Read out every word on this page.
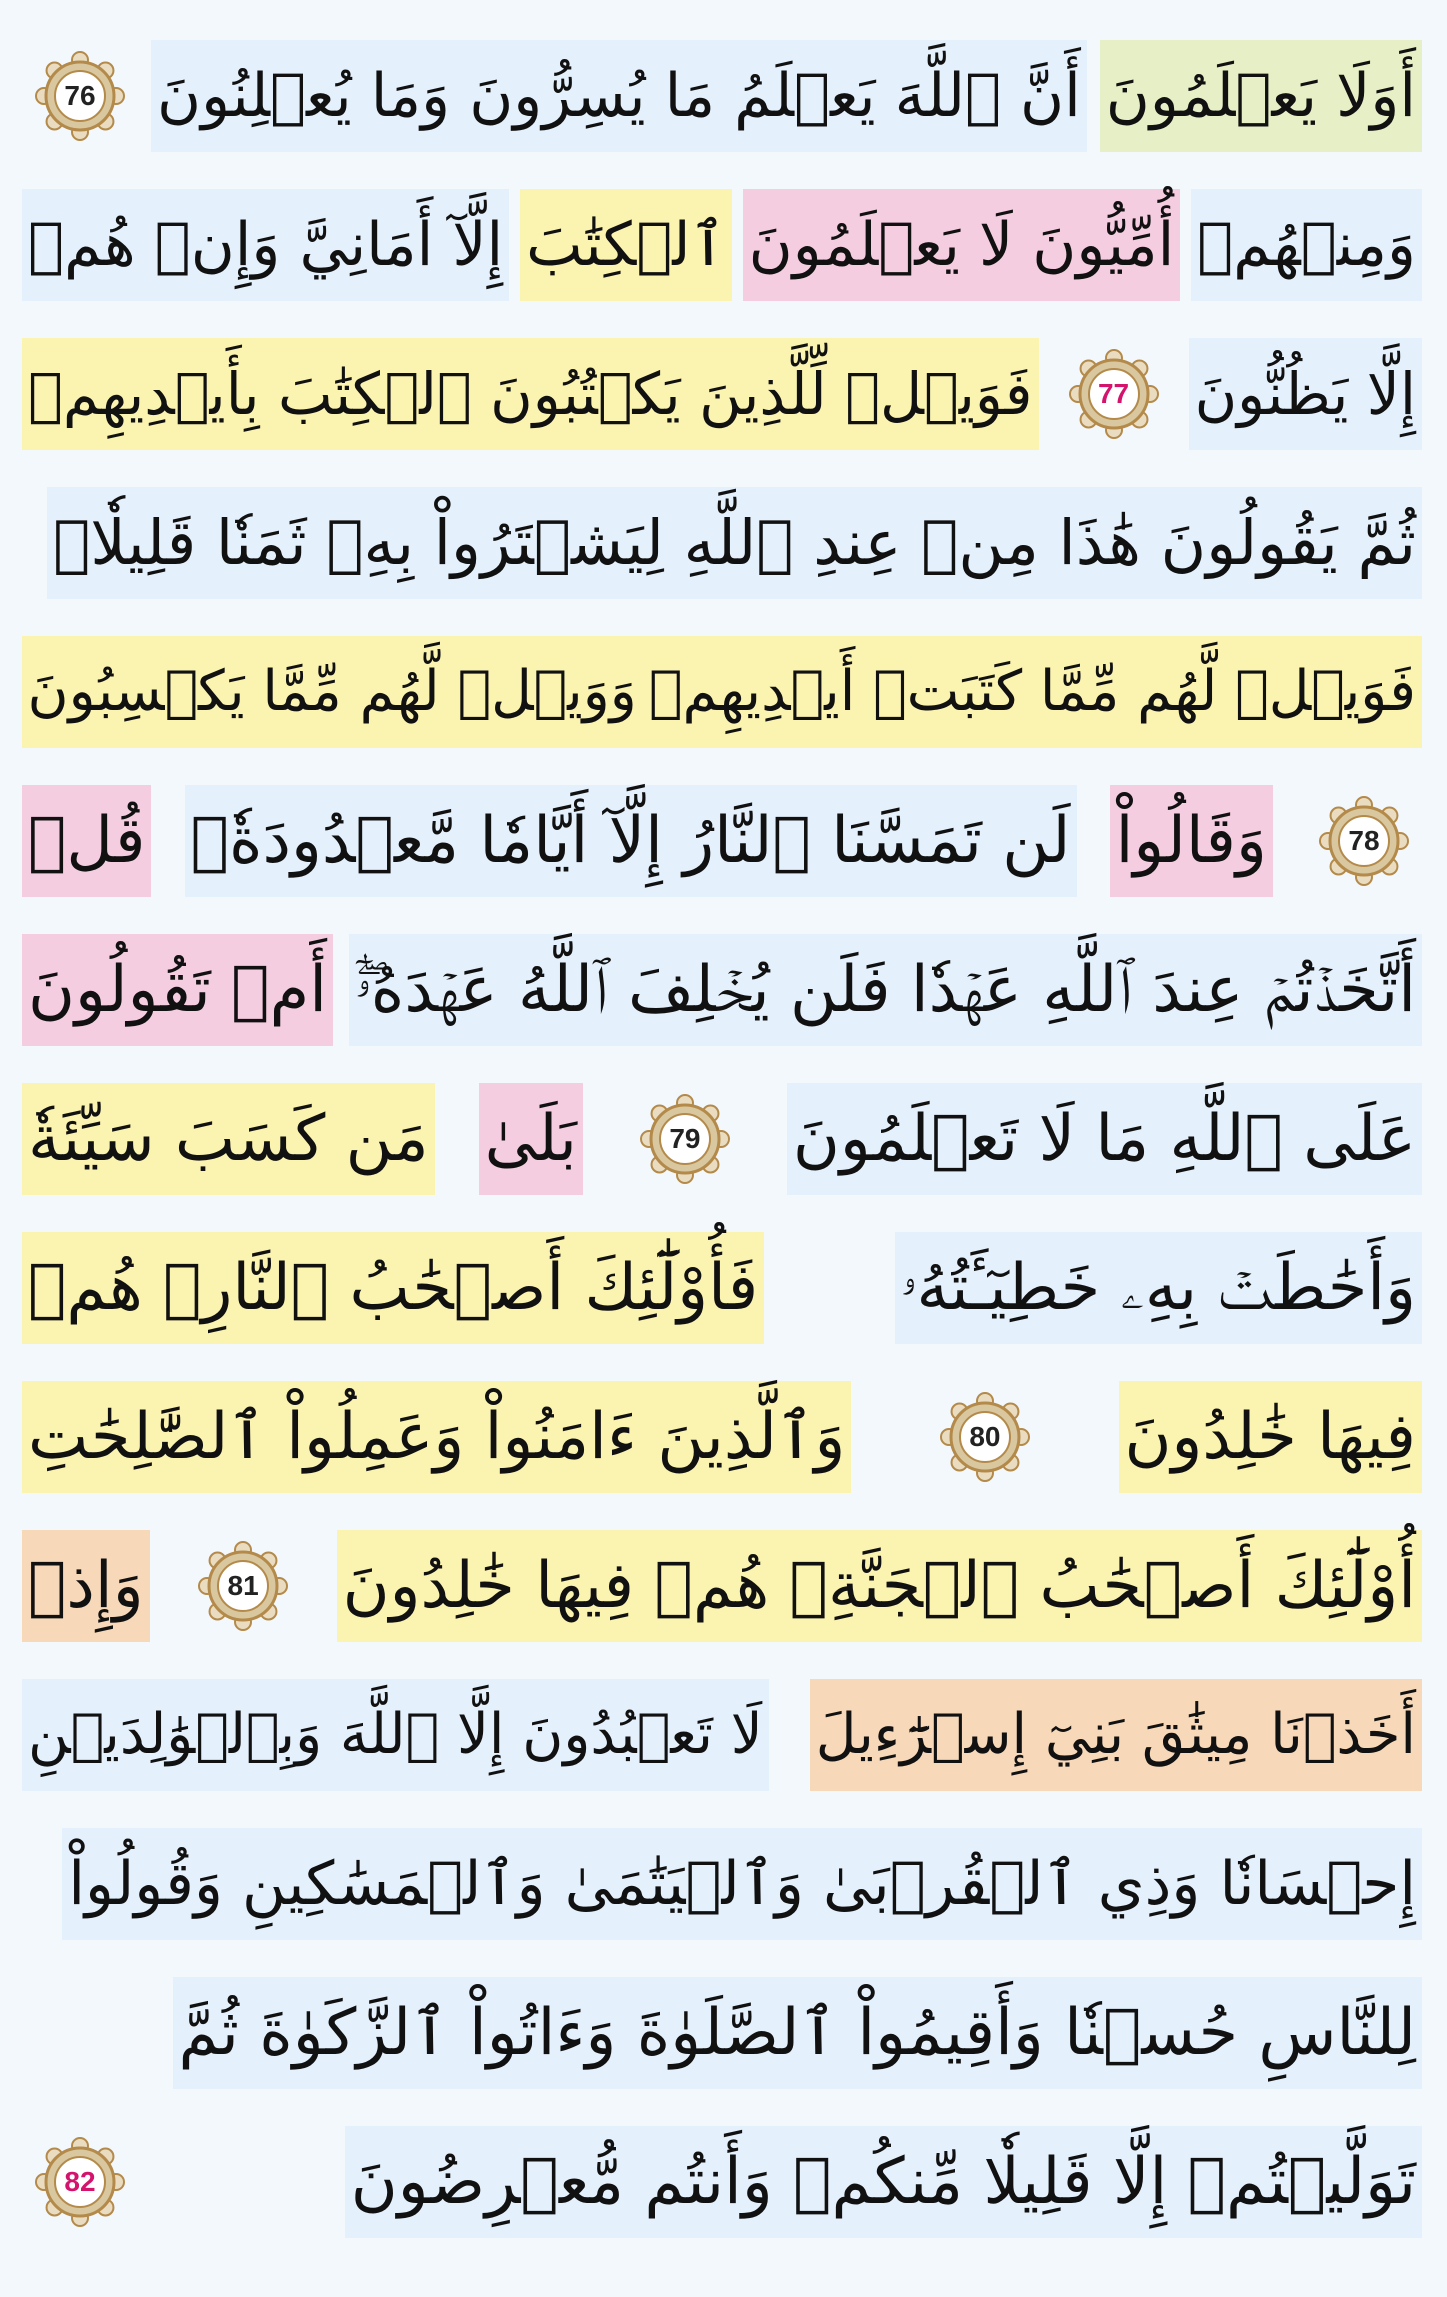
أَوَلَا يَعۡلَمُونَ
أَنَّ ٱللَّهَ يَعۡلَمُ مَا يُسِرُّونَ وَمَا يُعۡلِنُونَ
76
وَمِنۡهُمۡ
أُمِّيُّونَ لَا يَعۡلَمُونَ
ٱلۡكِتَٰبَ
إِلَّآ أَمَانِيَّ وَإِنۡ هُمۡ
إِلَّا يَظُنُّونَ
77
فَوَيۡلٞ لِّلَّذِينَ يَكۡتُبُونَ ٱلۡكِتَٰبَ بِأَيۡدِيهِمۡ
ثُمَّ يَقُولُونَ هَٰذَا مِنۡ عِندِ ٱللَّهِ لِيَشۡتَرُواْ بِهِۦ ثَمَنٗا قَلِيلٗاۖ
فَوَيۡلٞ لَّهُم مِّمَّا كَتَبَتۡ أَيۡدِيهِمۡ
وَوَيۡلٞ لَّهُم مِّمَّا يَكۡسِبُونَ
78
وَقَالُواْ
لَن تَمَسَّنَا ٱلنَّارُ إِلَّآ أَيَّامٗا مَّعۡدُودَةٗۚ
قُلۡ
أَتَّخَذۡتُمۡ عِندَ ٱللَّهِ عَهۡدٗا فَلَن يُخۡلِفَ ٱللَّهُ عَهۡدَهُۥٓۖ
أَمۡ تَقُولُونَ
عَلَى ٱللَّهِ مَا لَا تَعۡلَمُونَ
79
بَلَىٰ
مَن كَسَبَ سَيِّئَةٗ
وَأَحَٰطَتۡ بِهِۦ خَطِيٓـَٔتُهُۥ
فَأُوْلَٰٓئِكَ أَصۡحَٰبُ ٱلنَّارِۖ هُمۡ
فِيهَا خَٰلِدُونَ
80
وَٱلَّذِينَ ءَامَنُواْ وَعَمِلُواْ ٱلصَّٰلِحَٰتِ
أُوْلَٰٓئِكَ أَصۡحَٰبُ ٱلۡجَنَّةِۖ هُمۡ فِيهَا خَٰلِدُونَ
81
وَإِذۡ
أَخَذۡنَا مِيثَٰقَ بَنِيٓ إِسۡرَٰٓءِيلَ
لَا تَعۡبُدُونَ إِلَّا ٱللَّهَ وَبِٱلۡوَٰلِدَيۡنِ
إِحۡسَانٗا وَذِي ٱلۡقُرۡبَىٰ وَٱلۡيَتَٰمَىٰ وَٱلۡمَسَٰكِينِ وَقُولُواْ
لِلنَّاسِ حُسۡنٗا وَأَقِيمُواْ ٱلصَّلَوٰةَ وَءَاتُواْ ٱلزَّكَوٰةَ ثُمَّ
تَوَلَّيۡتُمۡ إِلَّا قَلِيلٗا مِّنكُمۡ وَأَنتُم مُّعۡرِضُونَ
82
